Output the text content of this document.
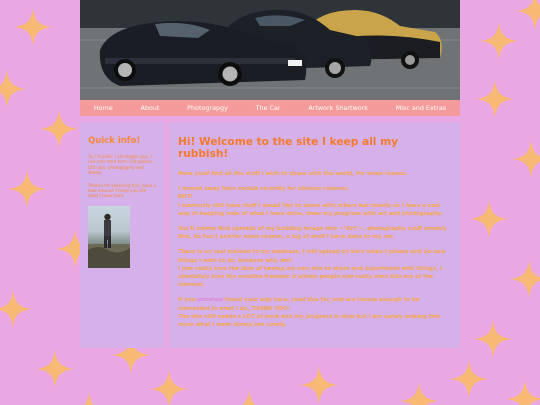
Home	About	Photograpgy	The Car	Artwork Shartwork	Misc and Extras
Quick info!

Yo, I'm Julia. I am simple guy, I can into retro tech, Old games, Old cars, photography and Miatas

Thanks for checking this, have a look around! I hope you like what I have here.

Hi! Welcome to the site I keep all my rubbish!

Here youll find all the stuff I wish to share with the world, for some reason.

I moved away from socials recently for obvious reasons.
BUT!
I obviously still have stuff I would like to share with others but mainly so I have a cool way of keeping note of what I have done, show my progress with art and photography.

You'll mainly find uploads of my budding forage into ~"Art"~, photography stuff (mainly film, its fun!) and for some reason, a log of stuff I have done to my car.

There is no real method to my madness, I will upload on here when I please and do new things I wish to do, because why not!
I just really love the idea of having my own site to share and experiment with things, I absolutely love the creative freedom it allows people and really miss this era of the internet.

If you somehow found your way here, read this far, and are insane enough to be interested in what I do, THANK YOU!
The site still needs a LOT of work and my progress is slow but I am surely making this more what I want slowly but surely.
